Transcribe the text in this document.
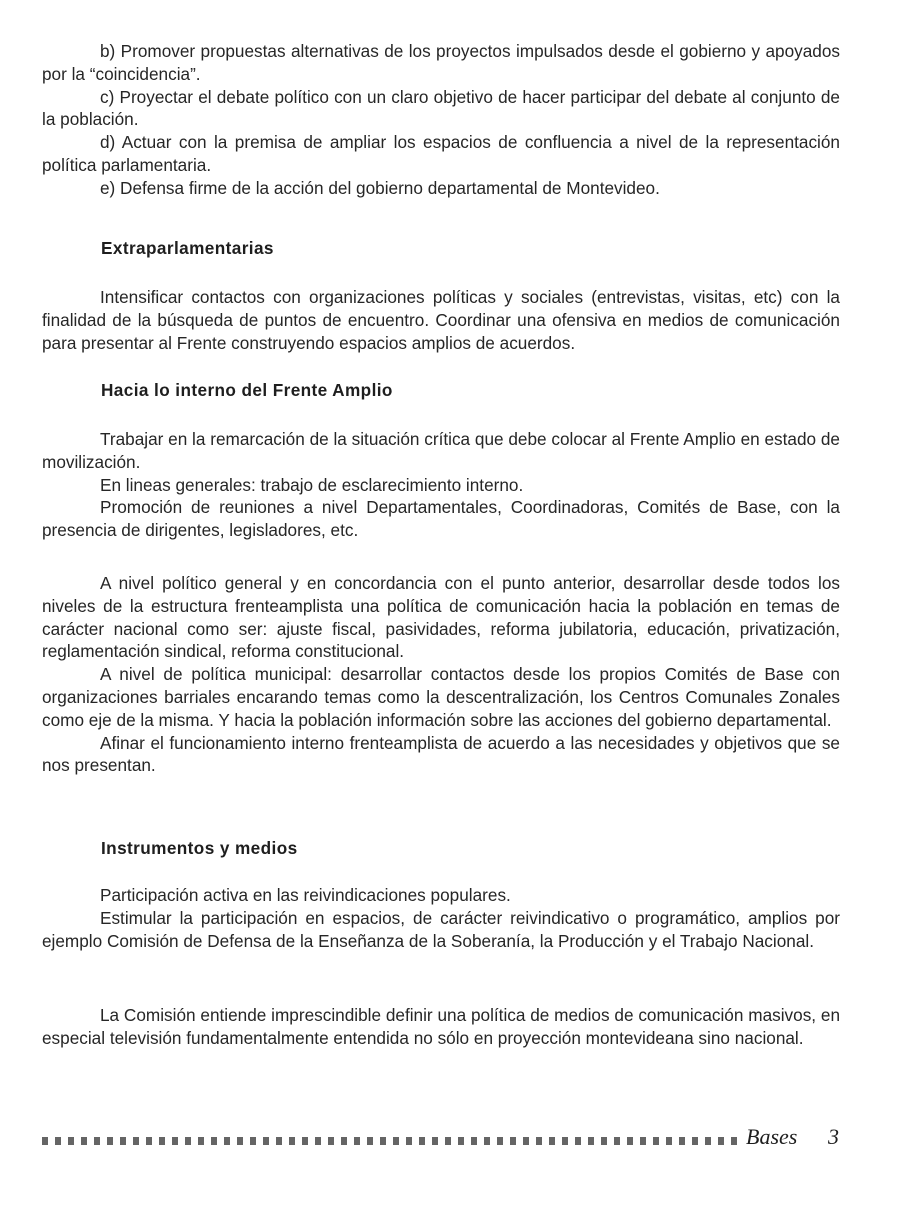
b) Promover propuestas alternativas de los proyectos impulsados desde el gobierno y apoyados por la “coincidencia”.

c) Proyectar el debate político con un claro objetivo de hacer participar del debate al conjunto de la población.

d) Actuar con la premisa de ampliar los espacios de confluencia a nivel de la representación política parlamentaria.

e) Defensa firme de la acción del gobierno departamental de Montevideo.

Extraparlamentarias

Intensificar contactos con organizaciones políticas y sociales (entrevistas, visitas, etc) con la finalidad de la búsqueda de puntos de encuentro. Coordinar una ofensiva en medios de comunicación para presentar al Frente construyendo espacios amplios de acuerdos.

Hacia lo interno del Frente Amplio

Trabajar en la remarcación de la situación crítica que debe colocar al Frente Amplio en estado de movilización.

En lineas generales: trabajo de esclarecimiento interno.

Promoción de reuniones a nivel Departamentales, Coordinadoras, Comités de Base, con la presencia de dirigentes, legisladores, etc.

A nivel político general y en concordancia con el punto anterior, desarrollar desde todos los niveles de la estructura frenteamplista una política de comunicación hacia la población en temas de carácter nacional como ser: ajuste fiscal, pasividades, reforma jubilatoria, educación, privatización, reglamentación sindical, reforma constitucional.

A nivel de política municipal: desarrollar contactos desde los propios Comités de Base con organizaciones barriales encarando temas como la descentralización, los Centros Comunales Zonales como eje de la misma. Y hacia la población información sobre las acciones del gobierno departamental.

Afinar el funcionamiento interno frenteamplista de acuerdo a las necesidades y objetivos que se nos presentan.

Instrumentos y medios

Participación activa en las reivindicaciones populares.

Estimular la participación en espacios, de carácter reivindicativo o programático, amplios por ejemplo Comisión de Defensa de la Enseñanza de la Soberanía, la Producción y el Trabajo Nacional.

La Comisión entiende imprescindible definir una política de medios de comunicación masivos, en especial televisión fundamentalmente entendida no sólo en proyección montevideana sino nacional.

Bases 3
